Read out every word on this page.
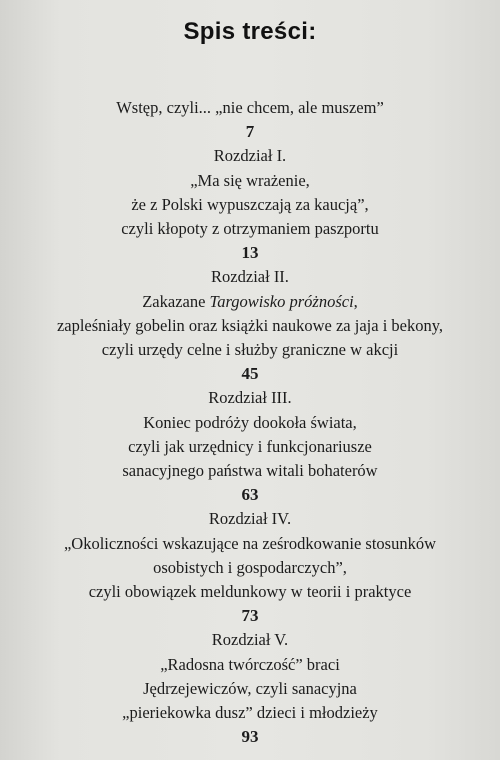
Spis treści:
Wstęp, czyli... „nie chcem, ale muszem”
7
Rozdział I.
„Ma się wrażenie,
że z Polski wypuszczają za kaucją”,
czyli kłopoty z otrzymaniem paszportu
13
Rozdział II.
Zakazane Targowisko próżności,
zapleśniały gobelin oraz książki naukowe za jaja i bekony,
czyli urzędy celne i służby graniczne w akcji
45
Rozdział III.
Koniec podróży dookoła świata,
czyli jak urzędnicy i funkcjonariusze
sanacyjnego państwa witali bohaterów
63
Rozdział IV.
„Okoliczności wskazujące na ześrodkowanie stosunków
osobistych i gospodarczych”,
czyli obowiązek meldunkowy w teorii i praktyce
73
Rozdział V.
„Radosna twórczość” braci
Jędrzejewiczów, czyli sanacyjna
„pieriekowka dusz” dzieci i młodzieży
93
